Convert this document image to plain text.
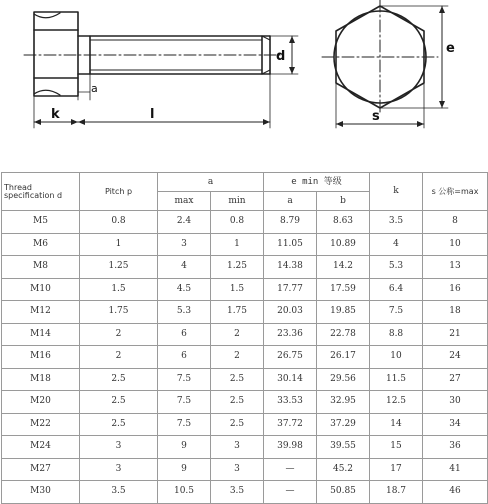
d
a
k	l
e
s
Thread specification d	Pitch p	a		e min 等级		k	s 公称=max
		max	min	a	b		
M5	0.8	2.4	0.8	8.79	8.63	3.5	8
M6	1	3	1	11.05	10.89	4	10
M8	1.25	4	1.25	14.38	14.2	5.3	13
M10	1.5	4.5	1.5	17.77	17.59	6.4	16
M12	1.75	5.3	1.75	20.03	19.85	7.5	18
M14	2	6	2	23.36	22.78	8.8	21
M16	2	6	2	26.75	26.17	10	24
M18	2.5	7.5	2.5	30.14	29.56	11.5	27
M20	2.5	7.5	2.5	33.53	32.95	12.5	30
M22	2.5	7.5	2.5	37.72	37.29	14	34
M24	3	9	3	39.98	39.55	15	36
M27	3	9	3	—	45.2	17	41
M30	3.5	10.5	3.5	—	50.85	18.7	46
